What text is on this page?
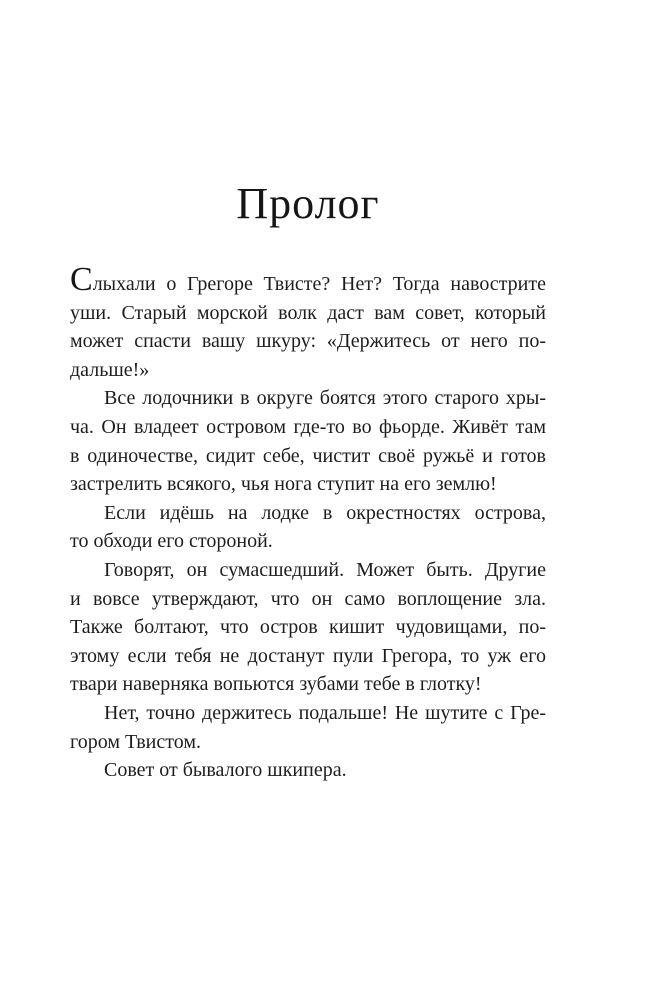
Пролог
Слыхали о Грегоре Твисте? Нет? Тогда навострите
уши. Старый морской волк даст вам совет, который
может спасти вашу шкуру: «Держитесь от него по-
дальше!»
Все лодочники в округе боятся этого старого хры-
ча. Он владеет островом где-то во фьорде. Живёт там
в одиночестве, сидит себе, чистит своё ружьё и готов
застрелить всякого, чья нога ступит на его землю!
Если идёшь на лодке в окрестностях острова,
то обходи его стороной.
Говорят, он сумасшедший. Может быть. Другие
и вовсе утверждают, что он само воплощение зла.
Также болтают, что остров кишит чудовищами, по-
этому если тебя не достанут пули Грегора, то уж его
твари наверняка вопьются зубами тебе в глотку!
Нет, точно держитесь подальше! Не шутите с Гре-
гором Твистом.
Совет от бывалого шкипера.
